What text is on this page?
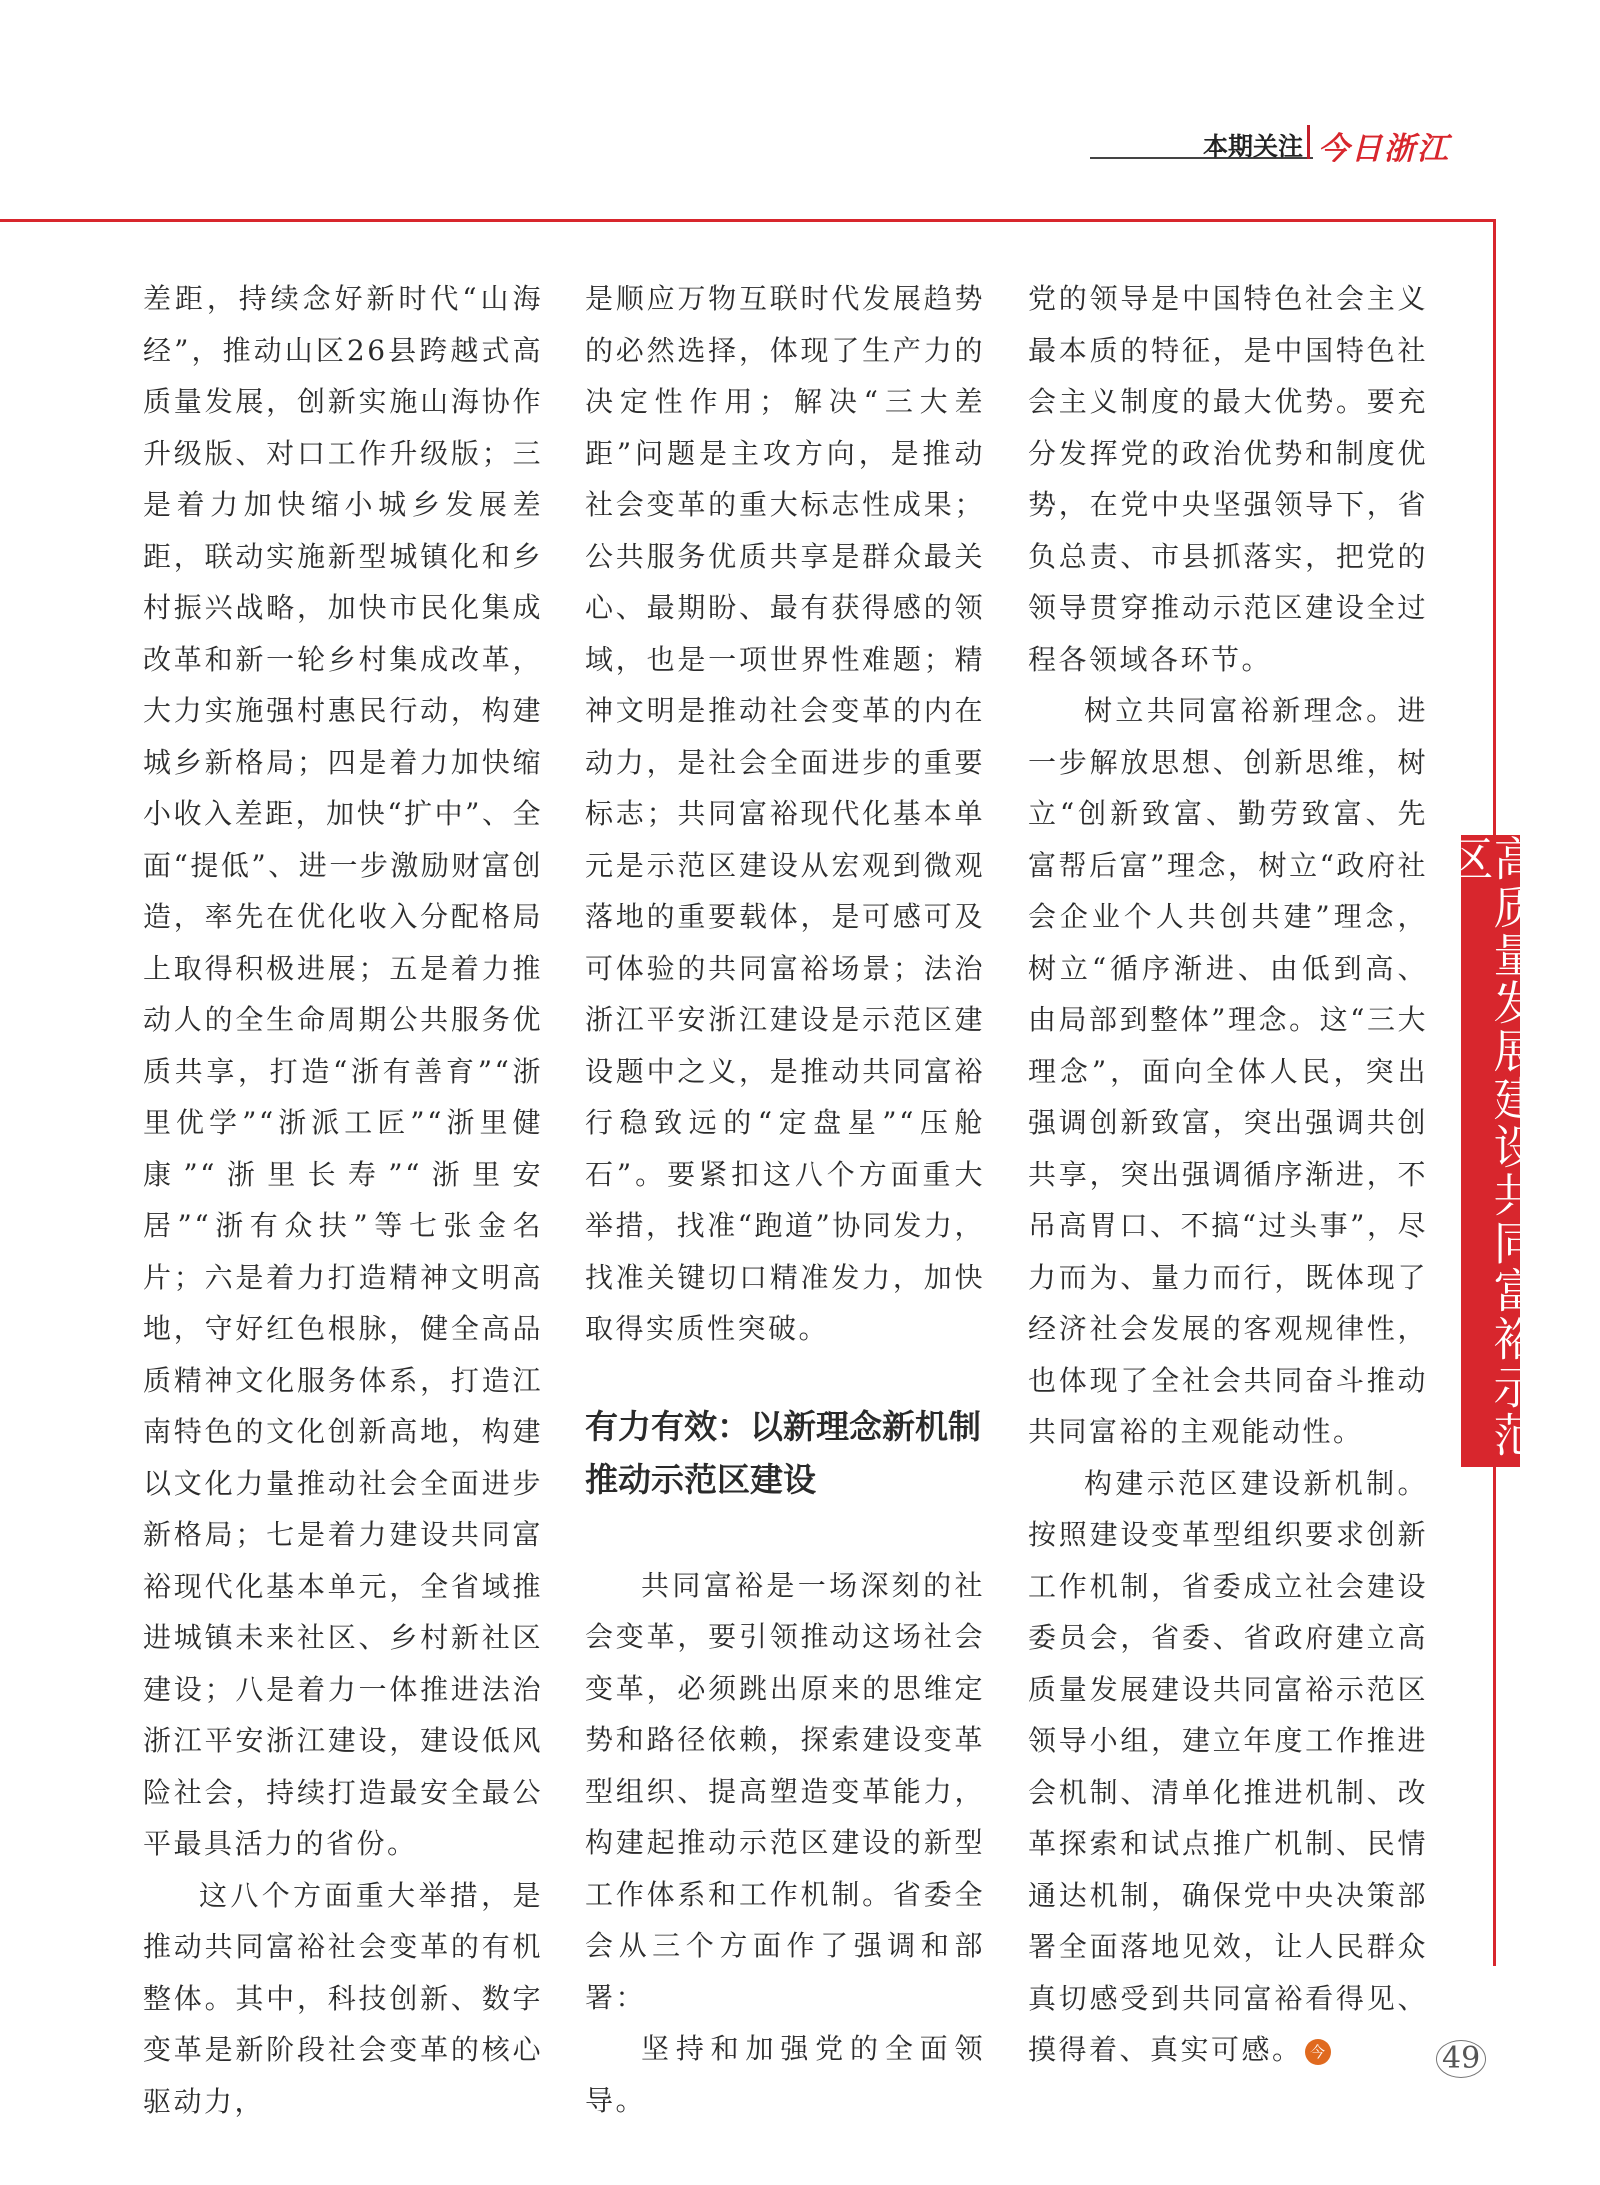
本期关注 今日浙江
高质量发展建设共同富裕示范区

差距，持续念好新时代“山海经”，推动山区26县跨越式高质量发展，创新实施山海协作升级版、对口工作升级版；三是着力加快缩小城乡发展差距，联动实施新型城镇化和乡村振兴战略，加快市民化集成改革和新一轮乡村集成改革，大力实施强村惠民行动，构建城乡新格局；四是着力加快缩小收入差距，加快“扩中”、全面“提低”、进一步激励财富创造，率先在优化收入分配格局上取得积极进展；五是着力推动人的全生命周期公共服务优质共享，打造“浙有善育”“浙里优学”“浙派工匠”“浙里健康”“浙里长寿”“浙里安居”“浙有众扶”等七张金名片；六是着力打造精神文明高地，守好红色根脉，健全高品质精神文化服务体系，打造江南特色的文化创新高地，构建以文化力量推动社会全面进步新格局；七是着力建设共同富裕现代化基本单元，全省域推进城镇未来社区、乡村新社区建设；八是着力一体推进法治浙江平安浙江建设，建设低风险社会，持续打造最安全最公平最具活力的省份。

这八个方面重大举措，是推动共同富裕社会变革的有机整体。其中，科技创新、数字变革是新阶段社会变革的核心驱动力，

是顺应万物互联时代发展趋势的必然选择，体现了生产力的决定性作用；解决“三大差距”问题是主攻方向，是推动社会变革的重大标志性成果；公共服务优质共享是群众最关心、最期盼、最有获得感的领域，也是一项世界性难题；精神文明是推动社会变革的内在动力，是社会全面进步的重要标志；共同富裕现代化基本单元是示范区建设从宏观到微观落地的重要载体，是可感可及可体验的共同富裕场景；法治浙江平安浙江建设是示范区建设题中之义，是推动共同富裕行稳致远的“定盘星”“压舱石”。要紧扣这八个方面重大举措，找准“跑道”协同发力，找准关键切口精准发力，加快取得实质性突破。

有力有效：以新理念新机制推动示范区建设

共同富裕是一场深刻的社会变革，要引领推动这场社会变革，必须跳出原来的思维定势和路径依赖，探索建设变革型组织、提高塑造变革能力，构建起推动示范区建设的新型工作体系和工作机制。省委全会从三个方面作了强调和部署：

坚持和加强党的全面领导。

党的领导是中国特色社会主义最本质的特征，是中国特色社会主义制度的最大优势。要充分发挥党的政治优势和制度优势，在党中央坚强领导下，省负总责、市县抓落实，把党的领导贯穿推动示范区建设全过程各领域各环节。

树立共同富裕新理念。进一步解放思想、创新思维，树立“创新致富、勤劳致富、先富帮后富”理念，树立“政府社会企业个人共创共建”理念，树立“循序渐进、由低到高、由局部到整体”理念。这“三大理念”，面向全体人民，突出强调创新致富，突出强调共创共享，突出强调循序渐进，不吊高胃口、不搞“过头事”，尽力而为、量力而行，既体现了经济社会发展的客观规律性，也体现了全社会共同奋斗推动共同富裕的主观能动性。

构建示范区建设新机制。按照建设变革型组织要求创新工作机制，省委成立社会建设委员会，省委、省政府建立高质量发展建设共同富裕示范区领导小组，建立年度工作推进会机制、清单化推进机制、改革探索和试点推广机制、民情通达机制，确保党中央决策部署全面落地见效，让人民群众真切感受到共同富裕看得见、摸得着、真实可感。 今	49
